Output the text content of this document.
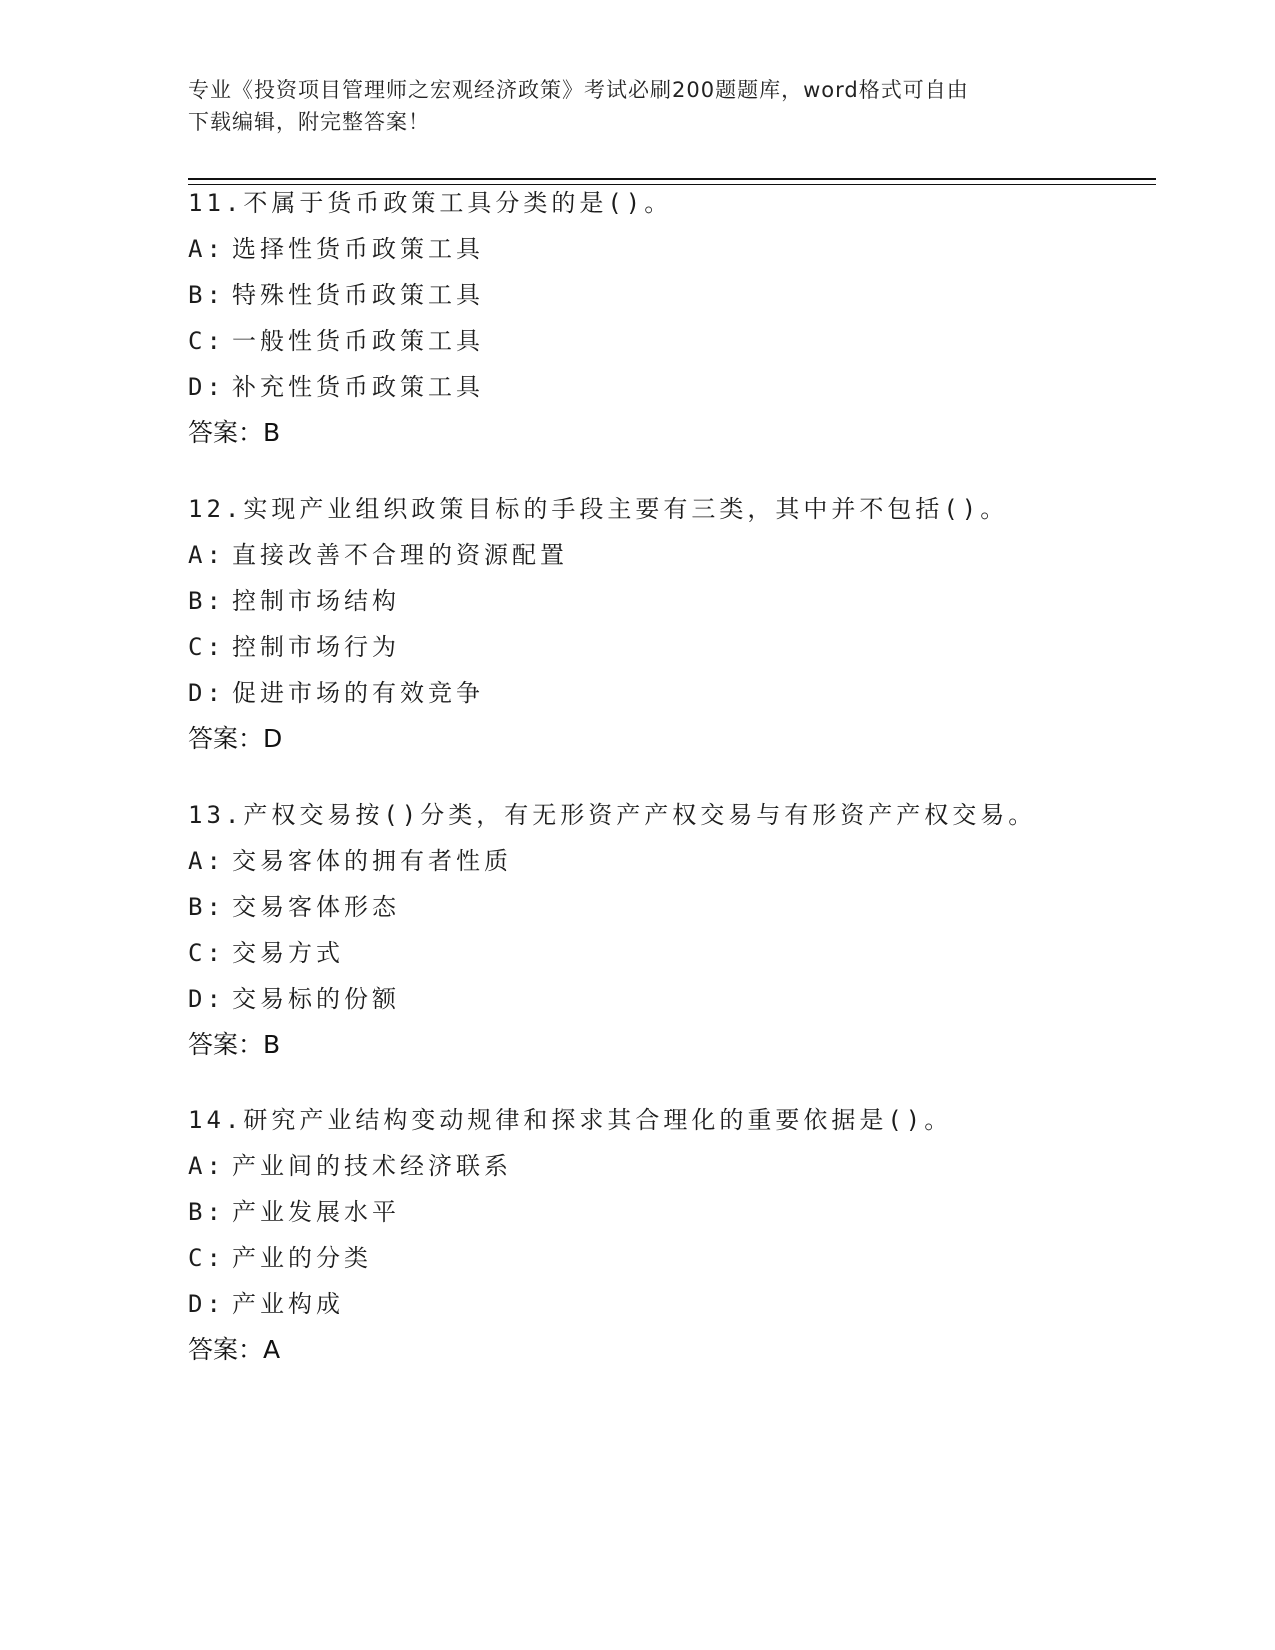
专业《投资项目管理师之宏观经济政策》考试必刷200题题库，word格式可自由
下载编辑，附完整答案！
11.不属于货币政策工具分类的是()。
A: 选择性货币政策工具
B: 特殊性货币政策工具
C: 一般性货币政策工具
D: 补充性货币政策工具
答案：B
12.实现产业组织政策目标的手段主要有三类，其中并不包括()。
A: 直接改善不合理的资源配置
B: 控制市场结构
C: 控制市场行为
D: 促进市场的有效竞争
答案：D
13.产权交易按()分类，有无形资产产权交易与有形资产产权交易。
A: 交易客体的拥有者性质
B: 交易客体形态
C: 交易方式
D: 交易标的份额
答案：B
14.研究产业结构变动规律和探求其合理化的重要依据是()。
A: 产业间的技术经济联系
B: 产业发展水平
C: 产业的分类
D: 产业构成
答案：A
